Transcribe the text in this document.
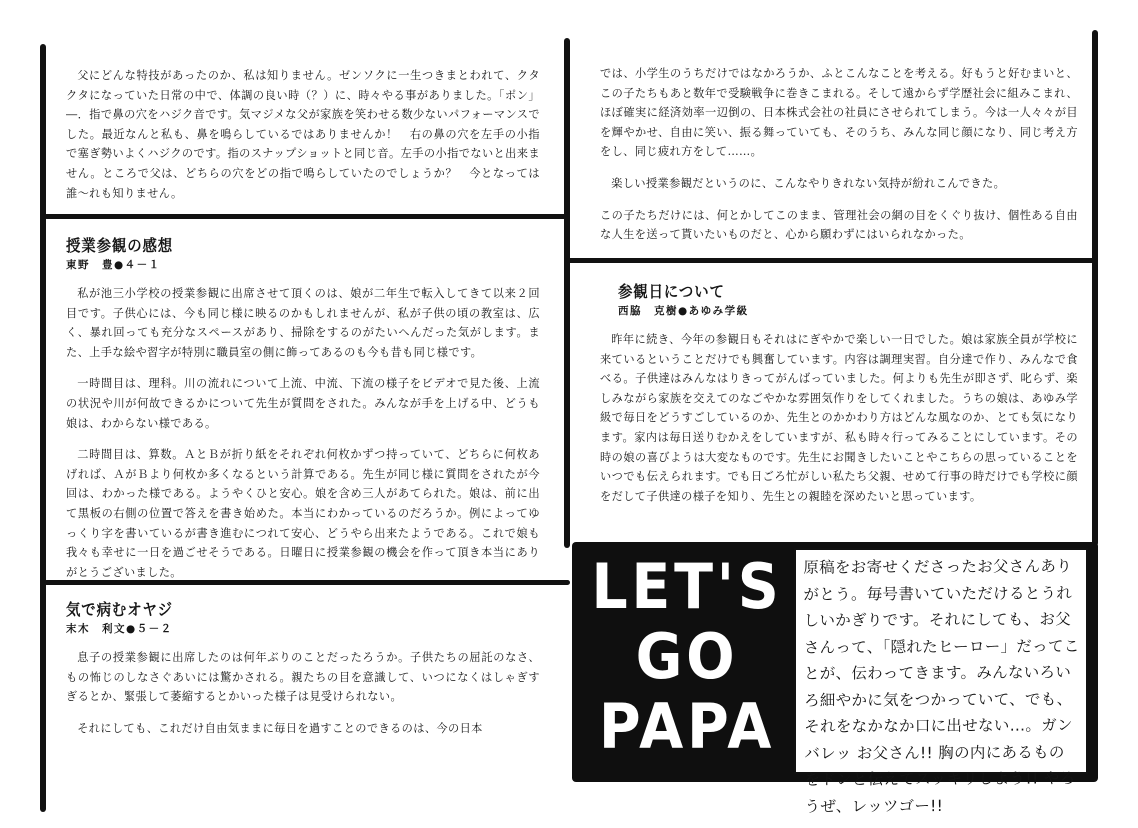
父にどんな特技があったのか、私は知りません。ゼンソクに一生つきまとわれて、クタクタになっていた日常の中で、体調の良い時（？）に、時々やる事がありました。「ポン」―．指で鼻の穴をハジク音です。気マジメな父が家族を笑わせる数少ないパフォーマンスでした。最近なんと私も、鼻を鳴らしているではありませんか！　右の鼻の穴を左手の小指で塞ぎ勢いよくハジクのです。指のスナップショットと同じ音。左手の小指でないと出来ません。ところで父は、どちらの穴をどの指で鳴らしていたのでしょうか？　今となっては誰～れも知りません。

授業参観の感想
東野　豊●４－１

私が池三小学校の授業参観に出席させて頂くのは、娘が二年生で転入してきて以来２回目です。子供心には、今も同じ様に映るのかもしれませんが、私が子供の頃の教室は、広く、暴れ回っても充分なスペースがあり、掃除をするのがたいへんだった気がします。また、上手な絵や習字が特別に職員室の側に飾ってあるのも今も昔も同じ様です。

一時間目は、理科。川の流れについて上流、中流、下流の様子をビデオで見た後、上流の状況や川が何故できるかについて先生が質問をされた。みんなが手を上げる中、どうも娘は、わからない様である。

二時間目は、算数。ＡとＢが折り紙をそれぞれ何枚かずつ持っていて、どちらに何枚あげれば、ＡがＢより何枚か多くなるという計算である。先生が同じ様に質問をされたが今回は、わかった様である。ようやくひと安心。娘を含め三人があてられた。娘は、前に出て黒板の右側の位置で答えを書き始めた。本当にわかっているのだろうか。例によってゆっくり字を書いているが書き進むにつれて安心、どうやら出来たようである。これで娘も我々も幸せに一日を過ごせそうである。日曜日に授業参観の機会を作って頂き本当にありがとうございました。

気で病むオヤジ
末木　利文●５－２

息子の授業参観に出席したのは何年ぶりのことだったろうか。子供たちの屈託のなさ、もの怖じのしなさぐあいには驚かされる。親たちの目を意識して、いつになくはしゃぎすぎるとか、緊張して萎縮するとかいった様子は見受けられない。

それにしても、これだけ自由気ままに毎日を過すことのできるのは、今の日本

では、小学生のうちだけではなかろうか、ふとこんなことを考える。好もうと好むまいと、この子たちもあと数年で受験戦争に巻きこまれる。そして遠からず学歴社会に組みこまれ、ほぼ確実に経済効率一辺倒の、日本株式会社の社員にさせられてしまう。今は一人々々が目を輝やかせ、自由に笑い、振る舞っていても、そのうち、みんな同じ顔になり、同じ考え方をし、同じ疲れ方をして……。

楽しい授業参観だというのに、こんなやりきれない気持が紛れこんできた。

この子たちだけには、何とかしてこのまま、管理社会の網の目をくぐり抜け、個性ある自由な人生を送って貰いたいものだと、心から願わずにはいられなかった。

参観日について
西脇　克樹●あゆみ学級

昨年に続き、今年の参観日もそれはにぎやかで楽しい一日でした。娘は家族全員が学校に来ているということだけでも興奮しています。内容は調理実習。自分達で作り、みんなで食べる。子供達はみんなはりきってがんばっていました。何よりも先生が即さず、叱らず、楽しみながら家族を交えてのなごやかな雰囲気作りをしてくれました。うちの娘は、あゆみ学級で毎日をどうすごしているのか、先生とのかかわり方はどんな風なのか、とても気になります。家内は毎日送りむかえをしていますが、私も時々行ってみることにしています。その時の娘の喜びようは大変なものです。先生にお聞きしたいことやこちらの思っていることをいつでも伝えられます。でも日ごろ忙がしい私たち父親、せめて行事の時だけでも学校に顔をだして子供達の様子を知り、先生との親睦を深めたいと思っています。

LET'S
GO
PAPA
原稿をお寄せくださったお父さんありがとう。毎号書いていただけるとうれしいかぎりです。それにしても、お父さんって、「隠れたヒーロー」だってことが、伝わってきます。みんないろいろ細やかに気をつかっていて、でも、それをなかなか口に出せない…。ガンバレッ お父さん!! 胸の内にあるものをドンと伝えてスッキリしよう!! やろうぜ、レッツゴー!!
